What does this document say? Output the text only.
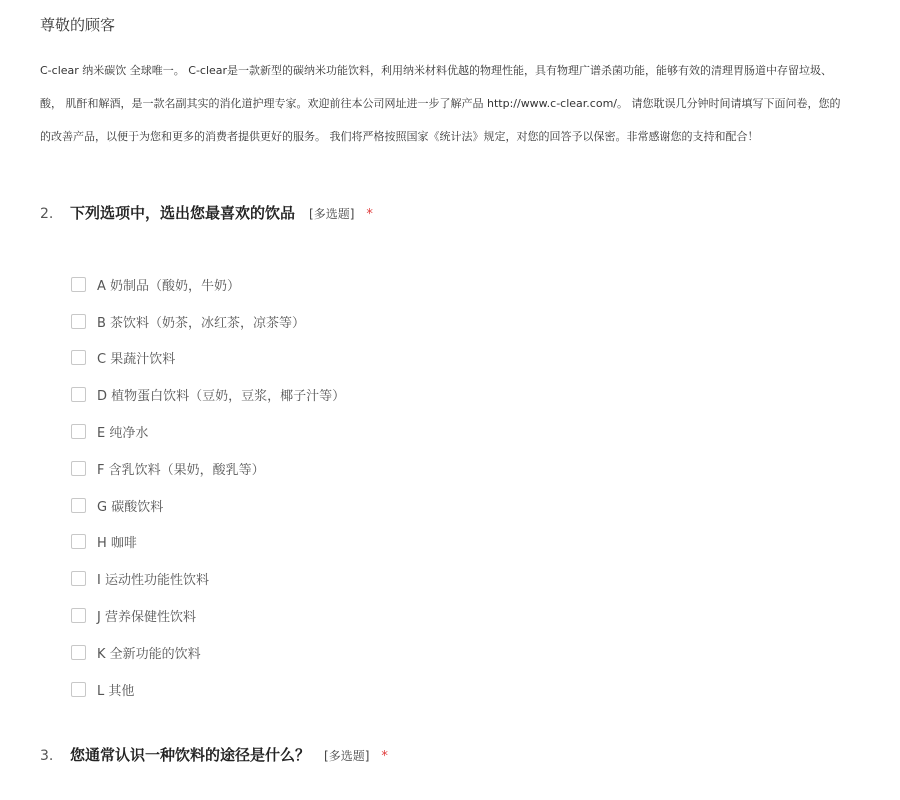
尊敬的顾客
C-clear 纳米碳饮 全球唯一。 C-clear是一款新型的碳纳米功能饮料，利用纳米材料优越的物理性能，具有物理广谱杀菌功能，能够有效的清理胃肠道中存留垃圾、
酸， 肌酐和解酒，是一款名副其实的消化道护理专家。欢迎前往本公司网址进一步了解产品 http://www.c-clear.com/。 请您耽误几分钟时间请填写下面问卷，您的
的改善产品，以便于为您和更多的消费者提供更好的服务。 我们将严格按照国家《统计法》规定，对您的回答予以保密。非常感谢您的支持和配合！
2.	下列选项中，选出您最喜欢的饮品 [多选题] *
A 奶制品（酸奶，牛奶）
B 茶饮料（奶茶，冰红茶，凉茶等）
C 果蔬汁饮料
D 植物蛋白饮料（豆奶，豆浆，椰子汁等）
E 纯净水
F 含乳饮料（果奶，酸乳等）
G 碳酸饮料
H 咖啡
I 运动性功能性饮料
J 营养保健性饮料
K 全新功能的饮料
L 其他
3.	您通常认识一种饮料的途径是什么？ [多选题] *
